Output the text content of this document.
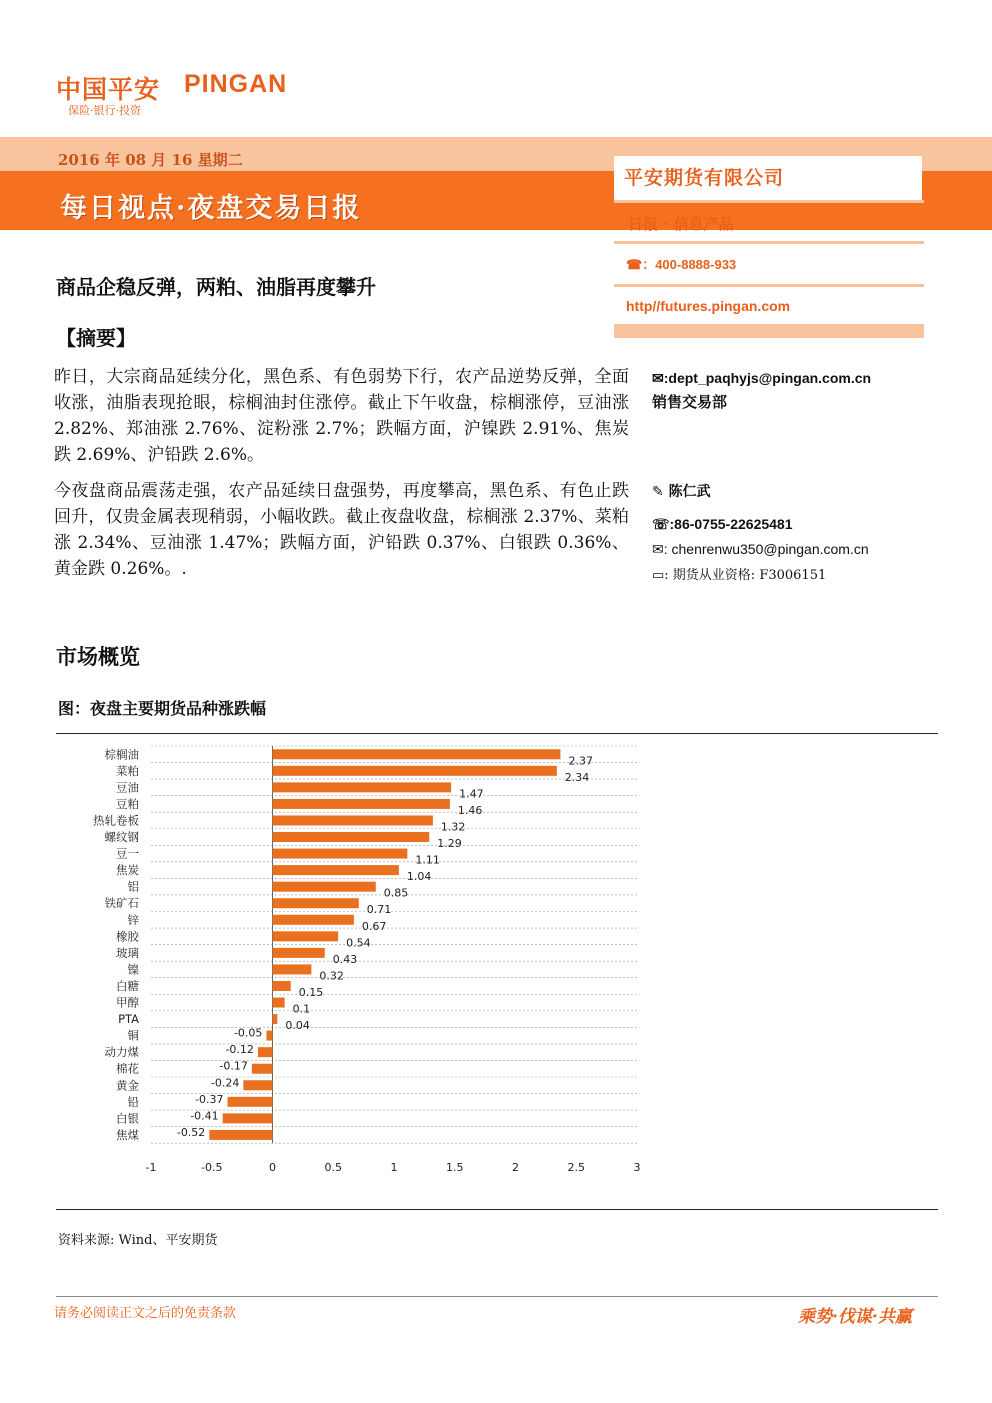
中国平安 PINGAN
保险·银行·投资
2016 年 08 月 16 星期二
每日视点·夜盘交易日报
平安期货有限公司
日报 · 信息产品
☎：400-8888-933
http//futures.pingan.com
商品企稳反弹，两粕、油脂再度攀升
【摘要】
昨日，大宗商品延续分化，黑色系、有色弱势下行，农产品逆势反弹，全面收涨，油脂表现抢眼，棕榈油封住涨停。截止下午收盘，棕榈涨停，豆油涨 2.82%、郑油涨 2.76%、淀粉涨 2.7%；跌幅方面，沪镍跌 2.91%、焦炭跌 2.69%、沪铅跌 2.6%。
今夜盘商品震荡走强，农产品延续日盘强势，再度攀高，黑色系、有色止跌回升，仅贵金属表现稍弱，小幅收跌。截止夜盘收盘，棕榈涨 2.37%、菜粕涨 2.34%、豆油涨 1.47%；跌幅方面，沪铅跌 0.37%、白银跌 0.36%、黄金跌 0.26%。.
✉:dept_paqhyjs@pingan.com.cn
销售交易部
✎ 陈仁武
☏:86-0755-22625481
✉: chenrenwu350@pingan.com.cn
▭: 期货从业资格: F3006151
市场概览
图：夜盘主要期货品种涨跌幅
棕榈油	2.37
菜粕	2.34
豆油	1.47
豆粕	1.46
热轧卷板	1.32
螺纹钢	1.29
豆一	1.11
焦炭	1.04
铝	0.85
铁矿石	0.71
锌	0.67
橡胶	0.54
玻璃	0.43
镍	0.32
白糖	0.15
甲醇	0.1
PTA	0.04
铜	-0.05
动力煤	-0.12
棉花	-0.17
黄金	-0.24
铅	-0.37
白银	-0.41
焦煤	-0.52
-1	-0.5	0	0.5	1	1.5	2	2.5	3
资料来源: Wind、平安期货
请务必阅读正文之后的免责条款	乘势·伐谋·共赢
